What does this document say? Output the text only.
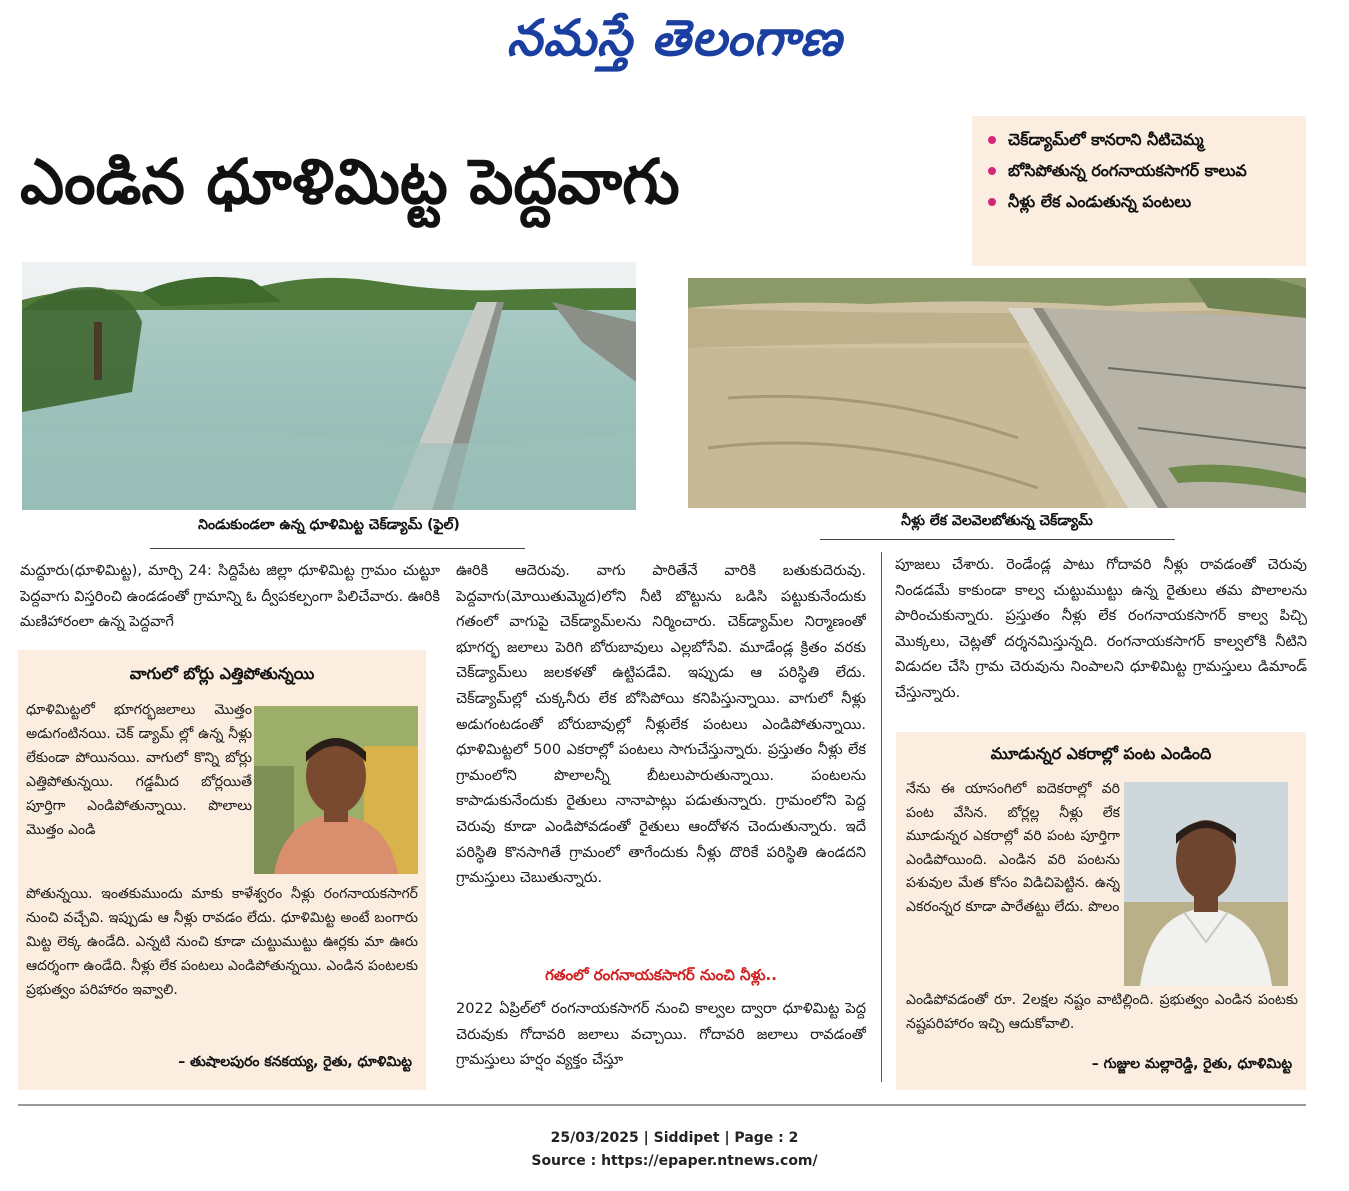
నమస్తే తెలంగాణ
ఎండిన ధూళిమిట్ట పెద్దవాగు
చెక్‌డ్యామ్‌లో కానరాని నీటిచెమ్మ
బోసిపోతున్న రంగనాయకసాగర్ కాలువ
నీళ్లు లేక ఎండుతున్న పంటలు
నిండుకుండలా ఉన్న ధూళిమిట్ట చెక్‌డ్యామ్ (ఫైల్)	నీళ్లు లేక వెలవెలబోతున్న చెక్‌డ్యామ్

మద్దూరు(ధూళిమిట్ట), మార్చి 24: సిద్దిపేట జిల్లా ధూళిమిట్ట గ్రామం చుట్టూ పెద్దవాగు విస్తరించి ఉండడంతో గ్రామాన్ని ఓ ద్వీపకల్పంగా పిలిచేవారు. ఊరికి మణిహారంలా ఉన్న పెద్దవాగే

వాగులో బోర్లు ఎత్తిపోతున్నయి

ధూళిమిట్టలో భూగర్భజలాలు మొత్తం అడుగంటినయి. చెక్ డ్యామ్ ల్లో ఉన్న నీళ్లు లేకుండా పోయినయి. వాగులో కొన్ని బోర్లు ఎత్తిపోతున్నయి. గడ్డమీద బోర్లయితే పూర్తిగా ఎండిపోతున్నాయి. పొలాలు మొత్తం ఎండి

పోతున్నయి. ఇంతకుముందు మాకు కాళేశ్వరం నీళ్లు రంగనాయకసాగర్ నుంచి వచ్చేవి. ఇప్పుడు ఆ నీళ్లు రావడం లేదు. ధూళిమిట్ట అంటే బంగారు మిట్ట లెక్క ఉండేది. ఎన్నటి నుంచి కూడా చుట్టుముట్టు ఊర్లకు మా ఊరు ఆదర్శంగా ఉండేది. నీళ్లు లేక పంటలు ఎండిపోతున్నయి. ఎండిన పంటలకు ప్రభుత్వం పరిహారం ఇవ్వాలి.

– తుషాలపురం కనకయ్య, రైతు, ధూళిమిట్ట

ఊరికి ఆదెరువు. వాగు పారితేనే వారికి బతుకుదెరువు. పెద్దవాగు(మోయితుమ్మెద)లోని నీటి బొట్టును ఒడిసి పట్టుకునేందుకు గతంలో వాగుపై చెక్‌డ్యామ్‌లను నిర్మించారు. చెక్‌డ్యామ్‌ల నిర్మాణంతో భూగర్భ జలాలు పెరిగి బోరుబావులు ఎల్లబోసేవి. మూడేండ్ల క్రితం వరకు చెక్‌డ్యామ్‌లు జలకళతో ఉట్టిపడేవి. ఇప్పుడు ఆ పరిస్థితి లేదు. చెక్‌డ్యామ్‌ల్లో చుక్కనీరు లేక బోసిపోయి కనిపిస్తున్నాయి. వాగులో నీళ్లు అడుగంటడంతో బోరుబావుల్లో నీళ్లులేక పంటలు ఎండిపోతున్నాయి. ధూళిమిట్టలో 500 ఎకరాల్లో పంటలు సాగుచేస్తున్నారు. ప్రస్తుతం నీళ్లు లేక గ్రామంలోని పొలాలన్నీ బీటలుపారుతున్నాయి. పంటలను కాపాడుకునేందుకు రైతులు నానాపాట్లు పడుతున్నారు. గ్రామంలోని పెద్ద చెరువు కూడా ఎండిపోవడంతో రైతులు ఆందోళన చెందుతున్నారు. ఇదే పరిస్థితి కొనసాగితే గ్రామంలో తాగేందుకు నీళ్లు దొరికే పరిస్థితి ఉండదని గ్రామస్తులు చెబుతున్నారు.

గతంలో రంగనాయకసాగర్ నుంచి నీళ్లు..

2022 ఏప్రిల్‌లో రంగనాయకసాగర్ నుంచి కాల్వల ద్వారా ధూళిమిట్ట పెద్ద చెరువుకు గోదావరి జలాలు వచ్చాయి. గోదావరి జలాలు రావడంతో గ్రామస్తులు హర్షం వ్యక్తం చేస్తూ

పూజలు చేశారు. రెండేండ్ల పాటు గోదావరి నీళ్లు రావడంతో చెరువు నిండడమే కాకుండా కాల్వ చుట్టుముట్టు ఉన్న రైతులు తమ పొలాలను పారించుకున్నారు. ప్రస్తుతం నీళ్లు లేక రంగనాయకసాగర్ కాల్వ పిచ్చి మొక్కలు, చెట్లతో దర్శనమిస్తున్నది. రంగనాయకసాగర్ కాల్వలోకి నీటిని విడుదల చేసి గ్రామ చెరువును నింపాలని ధూళిమిట్ట గ్రామస్తులు డిమాండ్ చేస్తున్నారు.

మూడున్నర ఎకరాల్లో పంట ఎండింది

నేను ఈ యాసంగిలో ఐదెకరాల్లో వరి పంట వేసిన. బోర్లల్ల నీళ్లు లేక మూడున్నర ఎకరాల్లో వరి పంట పూర్తిగా ఎండిపోయింది. ఎండిన వరి పంటను పశువుల మేత కోసం విడిచిపెట్టిన. ఉన్న ఎకరంన్నర కూడా పారేతట్టు లేదు. పొలం

ఎండిపోవడంతో రూ. 2లక్షల నష్టం వాటిల్లింది. ప్రభుత్వం ఎండిన పంటకు నష్టపరిహారం ఇచ్చి ఆదుకోవాలి.

– గుజ్జుల మల్లారెడ్డి, రైతు, ధూళిమిట్ట
25/03/2025 | Siddipet | Page : 2
Source : https://epaper.ntnews.com/
